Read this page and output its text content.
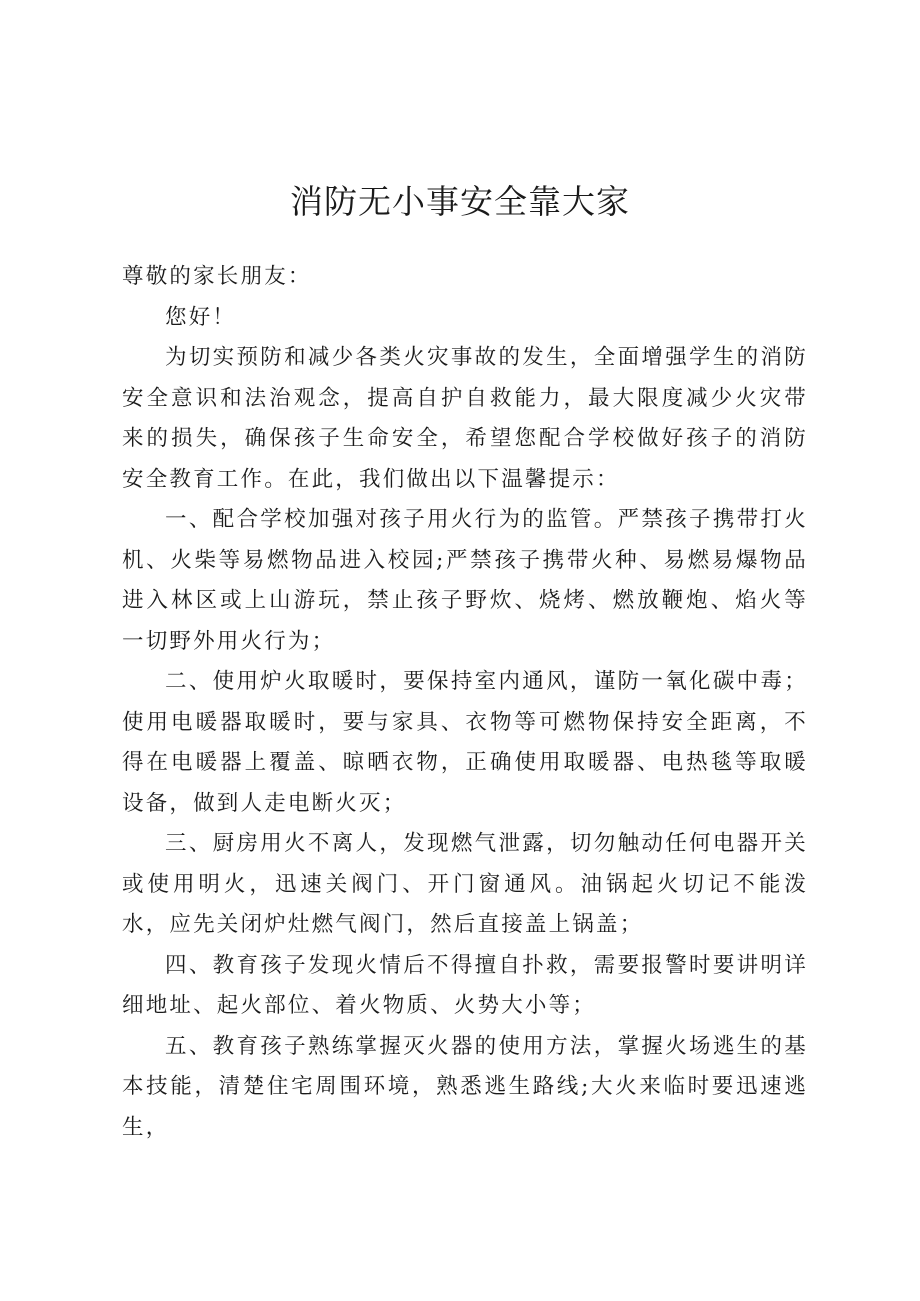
消防无小事安全靠大家

尊敬的家长朋友：

您好！

为切实预防和减少各类火灾事故的发生，全面增强学生的消防安全意识和法治观念，提高自护自救能力，最大限度减少火灾带来的损失，确保孩子生命安全，希望您配合学校做好孩子的消防安全教育工作。在此，我们做出以下温馨提示：

一、配合学校加强对孩子用火行为的监管。严禁孩子携带打火机、火柴等易燃物品进入校园;严禁孩子携带火种、易燃易爆物品进入林区或上山游玩，禁止孩子野炊、烧烤、燃放鞭炮、焰火等一切野外用火行为；

二、使用炉火取暖时，要保持室内通风，谨防一氧化碳中毒；使用电暖器取暖时，要与家具、衣物等可燃物保持安全距离，不得在电暖器上覆盖、晾晒衣物，正确使用取暖器、电热毯等取暖设备，做到人走电断火灭；

三、厨房用火不离人，发现燃气泄露，切勿触动任何电器开关或使用明火，迅速关阀门、开门窗通风。油锅起火切记不能泼水，应先关闭炉灶燃气阀门，然后直接盖上锅盖；

四、教育孩子发现火情后不得擅自扑救，需要报警时要讲明详细地址、起火部位、着火物质、火势大小等；

五、教育孩子熟练掌握灭火器的使用方法，掌握火场逃生的基本技能，清楚住宅周围环境，熟悉逃生路线;大火来临时要迅速逃生，
